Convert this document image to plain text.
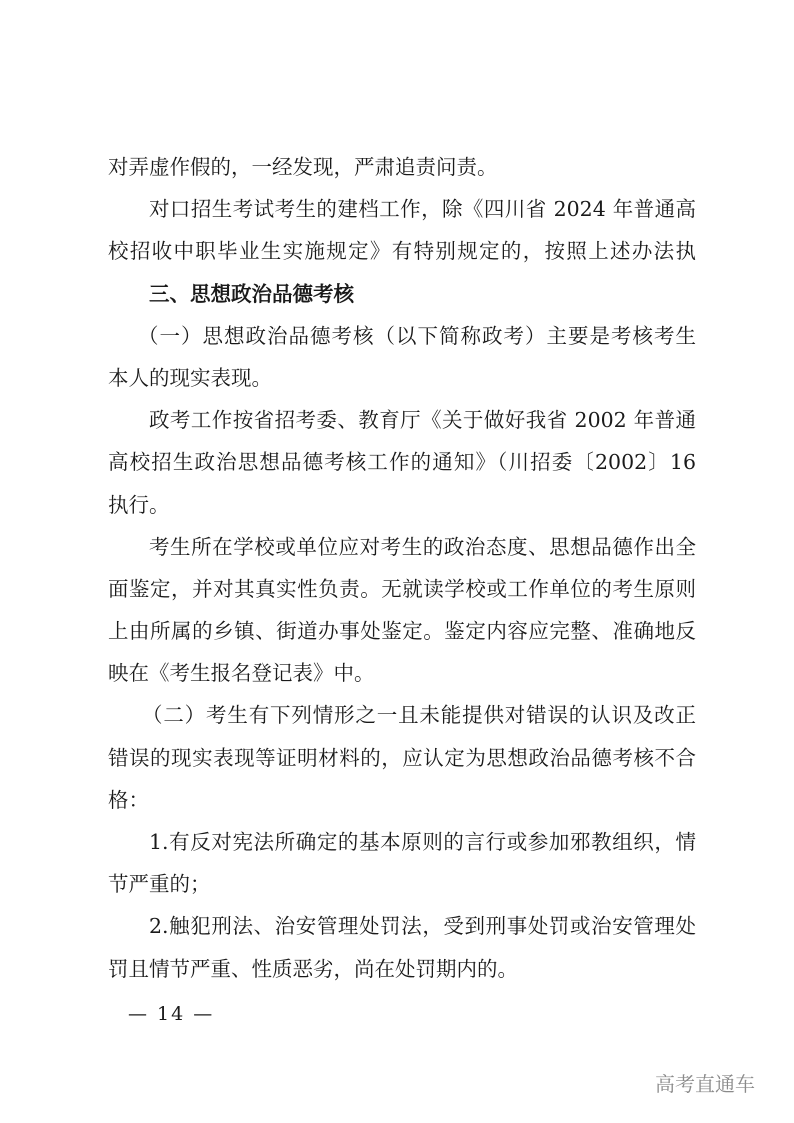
对弄虚作假的，一经发现，严肃追责问责。
对口招生考试考生的建档工作，除《四川省 2024 年普通高
校招收中职毕业生实施规定》有特别规定的，按照上述办法执
三、思想政治品德考核
（一）思想政治品德考核（以下简称政考）主要是考核考生
本人的现实表现。
政考工作按省招考委、教育厅《关于做好我省 2002 年普通
高校招生政治思想品德考核工作的通知》（川招委〔2002〕16
执行。
考生所在学校或单位应对考生的政治态度、思想品德作出全
面鉴定，并对其真实性负责。无就读学校或工作单位的考生原则
上由所属的乡镇、街道办事处鉴定。鉴定内容应完整、准确地反
映在《考生报名登记表》中。
（二）考生有下列情形之一且未能提供对错误的认识及改正
错误的现实表现等证明材料的，应认定为思想政治品德考核不合
格：
1.有反对宪法所确定的基本原则的言行或参加邪教组织，情
节严重的；
2.触犯刑法、治安管理处罚法，受到刑事处罚或治安管理处
罚且情节严重、性质恶劣，尚在处罚期内的。
— 14 —
高考直通车
